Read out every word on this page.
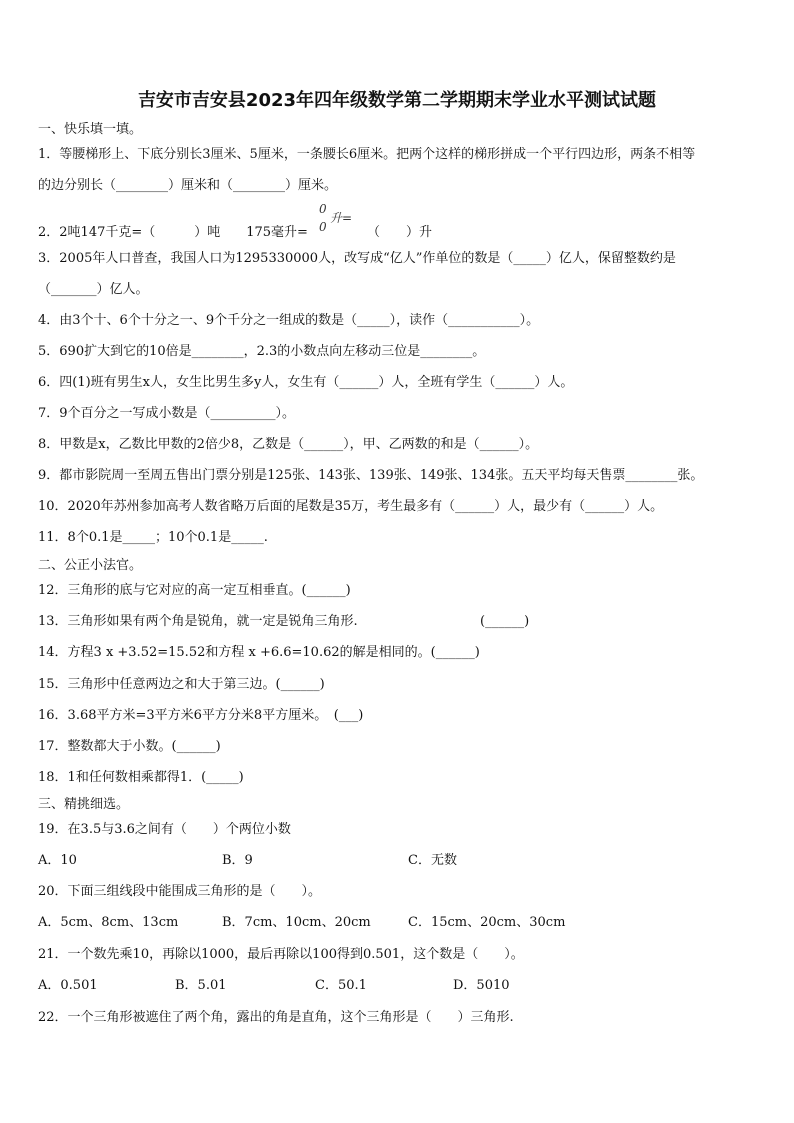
吉安市吉安县2023年四年级数学第二学期期末学业水平测试试题
一、快乐填一填。
1．等腰梯形上、下底分别长3厘米、5厘米，一条腰长6厘米。把两个这样的梯形拼成一个平行四边形，两条不相等
的边分别长（________）厘米和（________）厘米。
2．2吨147千克=（　　　）吨　　175毫升=
0
0
升=
（　　）升
3．2005年人口普查，我国人口为1295330000人，改写成“亿人”作单位的数是（_____）亿人，保留整数约是
（_______）亿人。
4．由3个十、6个十分之一、9个千分之一组成的数是（_____），读作（___________）。
5．690扩大到它的10倍是________，2.3的小数点向左移动三位是________。
6．四(1)班有男生x人，女生比男生多y人，女生有（______）人，全班有学生（______）人。
7．9个百分之一写成小数是（__________）。
8．甲数是x，乙数比甲数的2倍少8，乙数是（______），甲、乙两数的和是（______）。
9．都市影院周一至周五售出门票分别是125张、143张、139张、149张、134张。五天平均每天售票________张。
10．2020年苏州参加高考人数省略万后面的尾数是35万，考生最多有（______）人，最少有（______）人。
11．8个0.1是_____；10个0.1是_____.
二、公正小法官。
12．三角形的底与它对应的高一定互相垂直。(______)
13．三角形如果有两个角是锐角，就一定是锐角三角形.	(______)
14．方程3 x +3.52=15.52和方程 x +6.6=10.62的解是相同的。(______)
15．三角形中任意两边之和大于第三边。(______)
16．3.68平方米=3平方米6平方分米8平方厘米。　(___)
17．整数都大于小数。(______)
18．1和任何数相乘都得1．(_____)
三、精挑细选。
19．在3.5与3.6之间有（　　）个两位小数
A．10	B．9	C．无数
20．下面三组线段中能围成三角形的是（　　）。
A．5cm、8cm、13cm	B．7cm、10cm、20cm	C．15cm、20cm、30cm
21．一个数先乘10，再除以1000，最后再除以100得到0.501，这个数是（　　）。
A．0.501	B．5.01	C．50.1	D．5010
22．一个三角形被遮住了两个角，露出的角是直角，这个三角形是（　　）三角形.
